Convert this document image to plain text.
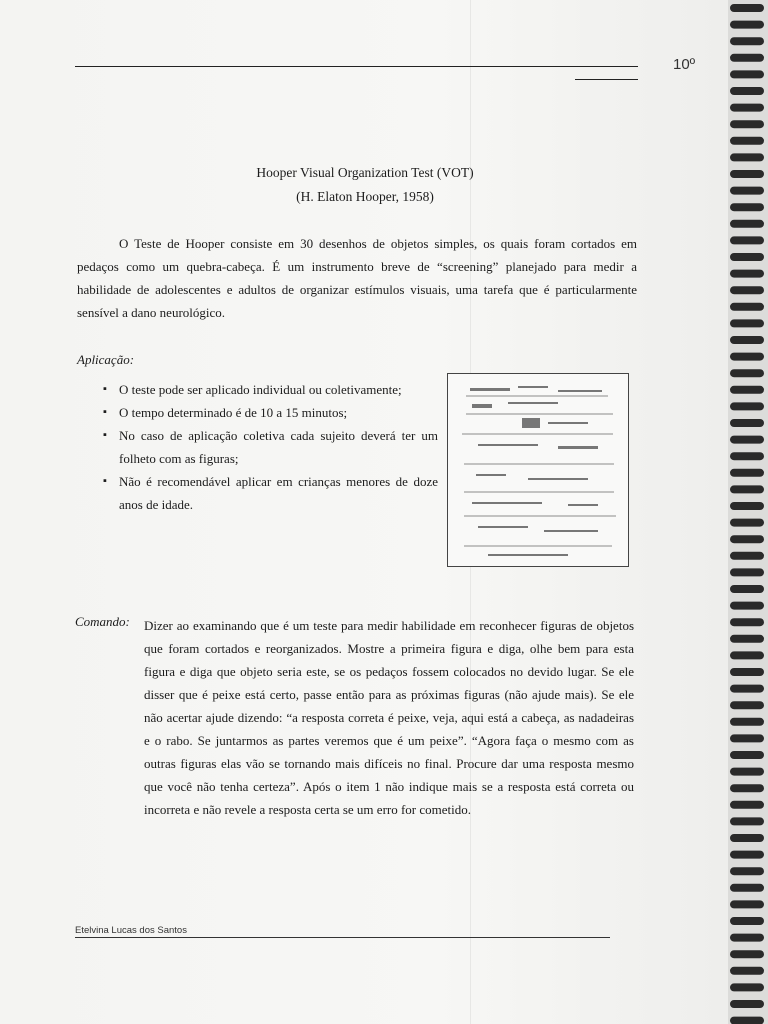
10º
Hooper Visual Organization Test (VOT)
(H. Elaton Hooper, 1958)

O Teste de Hooper consiste em 30 desenhos de objetos simples, os quais foram cortados em pedaços como um quebra-cabeça. É um instrumento breve de “screening” planejado para medir a habilidade de adolescentes e adultos de organizar estímulos visuais, uma tarefa que é particularmente sensível a dano neurológico.

Aplicação:
▪ O teste pode ser aplicado individual ou coletivamente;
▪ O tempo determinado é de 10 a 15 minutos;
▪ No caso de aplicação coletiva cada sujeito deverá ter um folheto com as figuras;
▪ Não é recomendável aplicar em crianças menores de doze anos de idade.
Comando: Dizer ao examinando que é um teste para medir habilidade em reconhecer figuras de objetos que foram cortados e reorganizados. Mostre a primeira figura e diga, olhe bem para esta figura e diga que objeto seria este, se os pedaços fossem colocados no devido lugar. Se ele disser que é peixe está certo, passe então para as próximas figuras (não ajude mais). Se ele não acertar ajude dizendo: “a resposta correta é peixe, veja, aqui está a cabeça, as nadadeiras e o rabo. Se juntarmos as partes veremos que é um peixe”. “Agora faça o mesmo com as outras figuras elas vão se tornando mais difíceis no final. Procure dar uma resposta mesmo que você não tenha certeza”. Após o item 1 não indique mais se a resposta está correta ou incorreta e não revele a resposta certa se um erro for cometido.
Etelvina Lucas dos Santos
